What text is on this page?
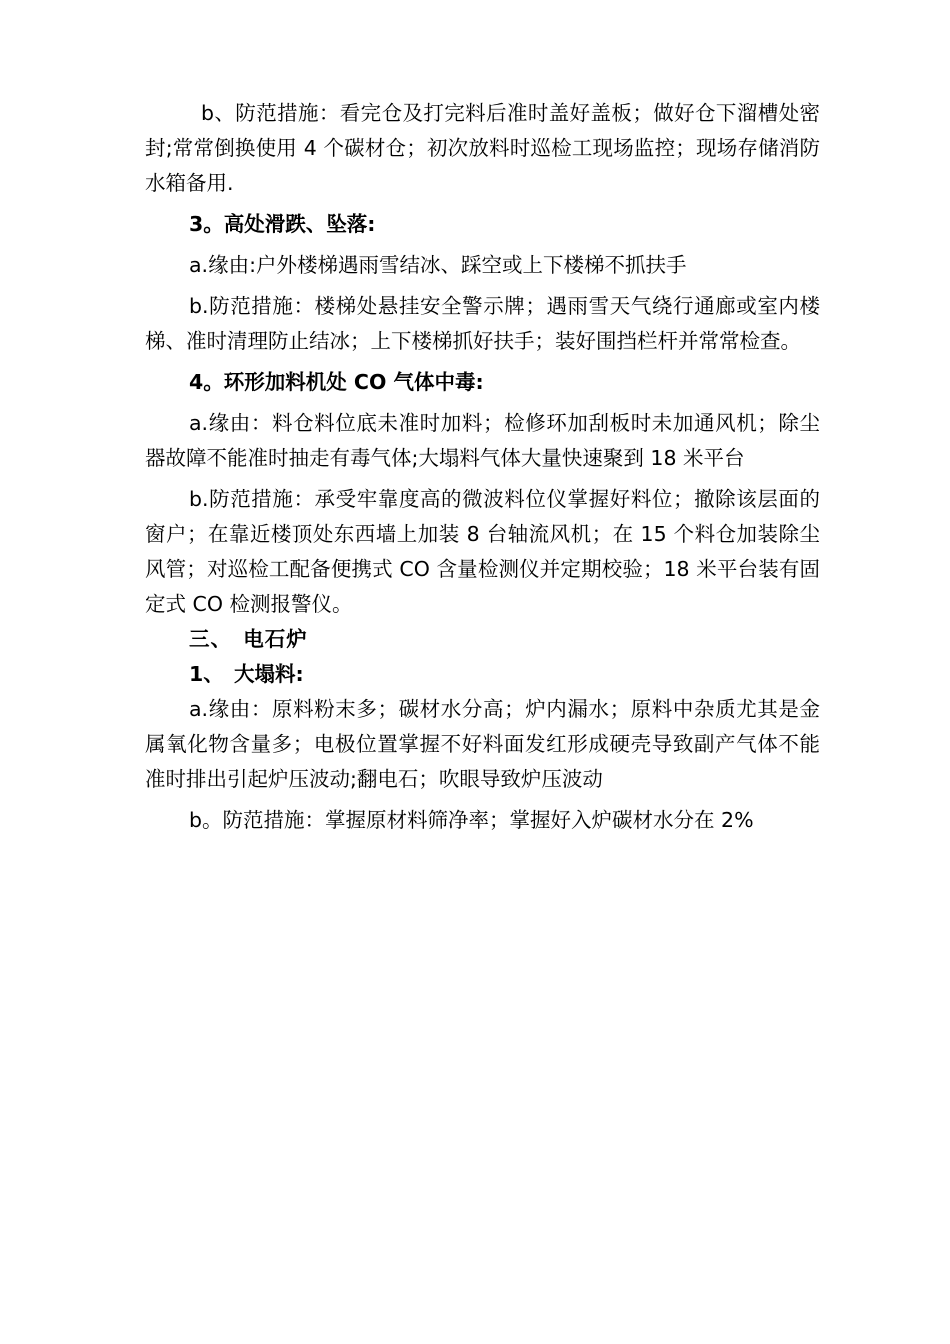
b、防范措施：看完仓及打完料后准时盖好盖板；做好仓下溜槽处密封;常常倒换使用 4 个碳材仓；初次放料时巡检工现场监控；现场存储消防水箱备用.

3。高处滑跌、坠落:

a.缘由:户外楼梯遇雨雪结冰、踩空或上下楼梯不抓扶手

b.防范措施：楼梯处悬挂安全警示牌；遇雨雪天气绕行通廊或室内楼梯、准时清理防止结冰；上下楼梯抓好扶手；装好围挡栏杆并常常检查。

4。环形加料机处 CO 气体中毒:

a.缘由：料仓料位底未准时加料；检修环加刮板时未加通风机；除尘器故障不能准时抽走有毒气体;大塌料气体大量快速聚到 18 米平台

b.防范措施：承受牢靠度高的微波料位仪掌握好料位；撤除该层面的窗户；在靠近楼顶处东西墙上加装 8 台轴流风机；在 15 个料仓加装除尘风管；对巡检工配备便携式 CO 含量检测仪并定期校验；18 米平台装有固定式 CO 检测报警仪。

三、　电石炉

1、　大塌料:

a.缘由：原料粉末多；碳材水分高；炉内漏水；原料中杂质尤其是金属氧化物含量多；电极位置掌握不好料面发红形成硬壳导致副产气体不能准时排出引起炉压波动;翻电石；吹眼导致炉压波动

b。防范措施：掌握原材料筛净率；掌握好入炉碳材水分在 2%
